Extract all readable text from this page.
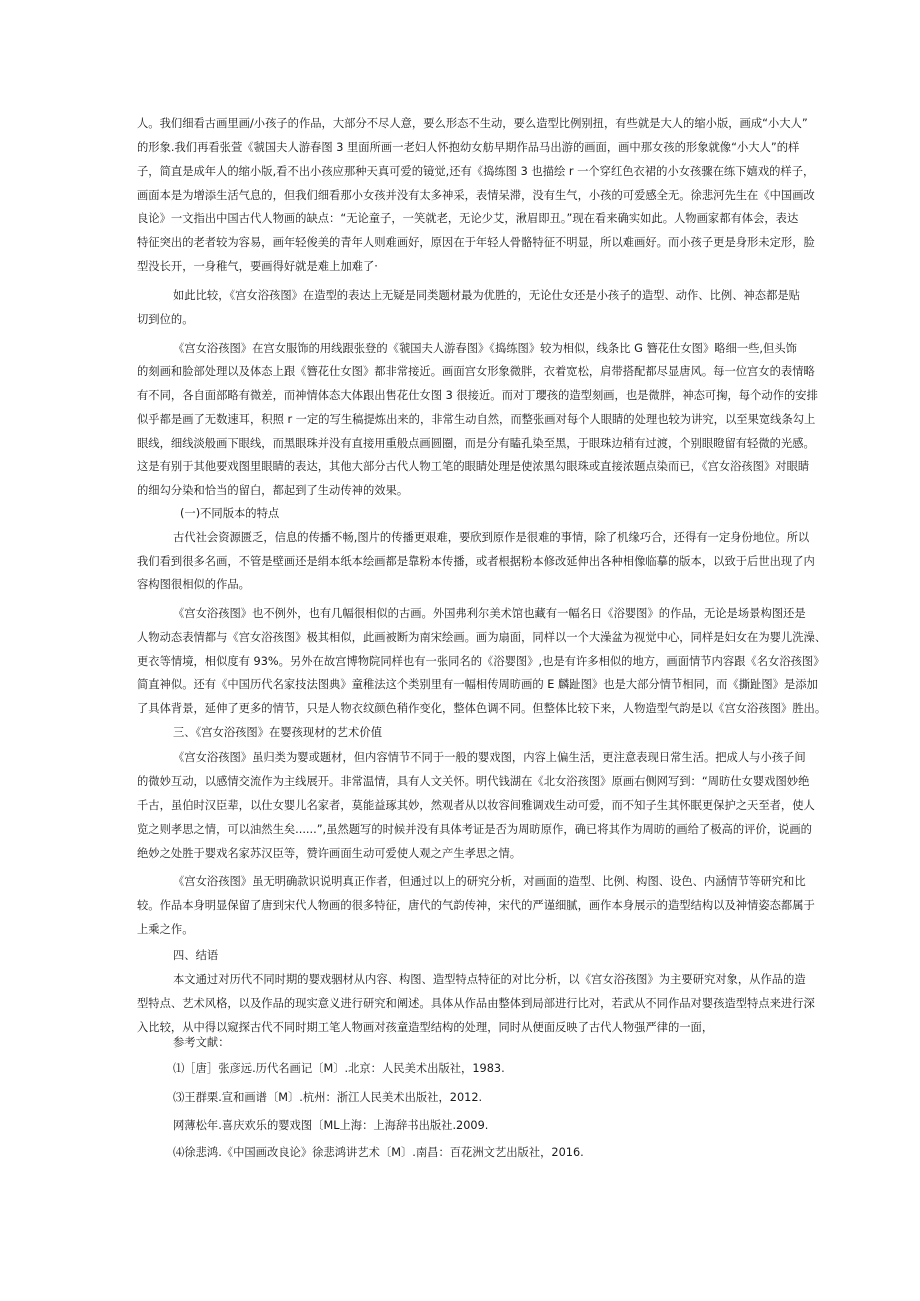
人。我们细看古画里画/小孩子的作品，大部分不尽人意，要么形态不生动，要么造型比例别扭，有些就是大人的缩小版，画成“小大人”
的形象.我们再看张萱《虢国夫人游春图 3 里面所画一老妇人怀抱幼女舫早期作品马出游的画面，画中那女孩的形象就像“小大人”的样
子，简直是成年人的缩小版,看不出小孩应那种天真可爱的镜觉,还有《捣练图 3 也描绘 r 一个穿红色衣裙的小女孩骤在练下嬉戏的样子，
画面本是为增添生活气息的，但我们细看那小女孩并没有太多神采，表情呆滞，没有生气，小孩的可爱感全无。徐悲河先生在《中国画改
良论》一文指出中国古代人物画的缺点：“无论童子，一笑就老，无论少艾，湫眉即丑。”现在看来确实如此。人物画家都有体会，表达
特征突出的老者较为容易，画年轻俊美的青年人则难画好，原因在于年轻人骨骼特征不明显，所以难画好。而小孩子更是身形未定形，脸
型没长开，一身稚气，要画得好就是难上加难了·
如此比较，《宫女浴孩图》在造型的表达上无疑是同类题材最为优胜的，无论仕女还是小孩子的造型、动作、比例、神态都是贴
切到位的。
《宫女浴孩图》在宫女服饰的用线跟张登的《虢国夫人游春图》《捣练图》较为相似，线条比 G 簪花仕女图》略细一些,但头饰
的刻画和脸部处理以及体态上跟《簪花仕女图》都非常接近。画面宫女形象微胖，衣着宽松，肩带搭配都尽显唐风。每一位宫女的表情略
有不同，各自面部略有微差，而神情体态大体跟出售花仕女图 3 很接近。而对丁瓔孩的造型刻画，也是微胖，神态可掬，每个动作的安排
似乎都是画了无数速耳，积照 r 一定的写生稿提炼出来的，非常生动自然，而整张画对每个人眼睛的处理也较为讲究，以至果宽线条勾上
眼线，细线淡般画下眼线，而黑眼珠并没有直接用重般点画圆圈，而是分有瞌孔染至黑，于眼珠边稍有过渡，个别眼瞪留有轻微的光感。
这是有别于其他要戏图里眼睛的表达，其他大部分古代人物工笔的眼睛处理是使浓黑勾眼珠或直接浓题点染而已，《宫女浴孩图》对眼睛
的细勾分染和恰当的留白，都起到了生动传神的效果。
(一)不同版本的特点
古代社会资源匮乏，信息的传播不畅,图片的传播更艰难，要欣到原作是很难的事情，除了机缘巧合，还得有一定身份地位。所以
我们看到很多名画，不管是壁画还是绢本纸本绘画都是靠粉本传播，或者根据粉本修改延伸出各种相像临摹的版本，以致于后世出现了内
容构图很相似的作品。
《宫女浴孩图》也不例外，也有几幅很相似的古画。外国弗利尔美术馆也藏有一幅名日《浴婴图》的作品，无论是场景构图还是
人物动态表情都与《宫女浴孩图》极其相似，此画被断为南宋绘画。画为扇面，同样以一个大澡盆为视觉中心，同样是妇女在为婴儿洗澡、
更衣等情境，相似度有 93%。另外在故宫博物院同样也有一张同名的《浴婴图》,也是有许多相似的地方，画面情节内容跟《名女浴孩图》
简直神似。还有《中国历代名家技法图典》童稚法这个类别里有一幅相传周昉画的 E 麟趾图》也是大部分情节相同，而《撕趾图》是添加
了具体背景，延伸了更多的情节，只是人物衣纹颜色稍作变化，整体色调不同。但整体比较下来，人物造型气韵是以《宫女浴孩图》胜出。
三、《宫女浴孩图》在婴孩现材的艺术价值
《宫女浴孩图》虽归类为婴或题材，但内容情节不同于一般的婴戏图，内容上偏生活，更注意表现日常生活。把成人与小孩子间
的微妙互动，以感情交流作为主线展开。非常温情，具有人文关怀。明代钱湖在《北女浴孩图》原画右侧网写到：“周昉仕女婴戏图妙绝
千古，虽伯时汉臣辈，以仕女婴儿名家者，莫能益琢其妙，然观者从以妆容间雅调戏生动可爱，而不知子生其怀眠更保护之天至者，使人
览之则孝思之情，可以油然生矣......”,虽然题写的时候并没有具体考证是否为周昉原作，确已将其作为周昉的画给了极高的评价，说画的
绝妙之处胜于婴戏名家苏汉臣等，赞许画面生动可爱使人观之产生孝思之情。
《宫女浴孩图》虽无明确款识说明真正作者，但通过以上的研究分析，对画面的造型、比例、构图、设色、内涵情节等研究和比
较。作品本身明显保留了唐到宋代人物画的很多特征，唐代的气韵传神，宋代的严谨细腻，画作本身展示的造型结构以及神情姿态都属于
上乘之作。
四、结语
本文通过对历代不同时期的婴戏骃材从内容、构图、造型特点特征的对比分析，以《宫女浴孩图》为主要研究对象，从作品的造
型特点、艺术风格，以及作品的现实意义进行研究和阐述。具体从作品由整体到局部进行比对，若武从不同作品对婴孩造型特点来进行深
入比较，从中得以窥探古代不同时期工笔人物画对孩童造型结构的处理，同时从便面反映了古代人物强严律的一面，
参考文献：
⑴［唐］张彦远.历代名画记〔M〕.北京：人民美术出版社，1983.
⑶王群栗.宣和画谱〔M〕.杭州：浙江人民美术出版社，2012.
网薄松年.喜庆欢乐的婴戏图〔ML上海：上海辞书出版社.2009.
⑷徐悲鸿.《中国画改良论》徐悲鸿讲艺术〔M〕.南昌：百花洲文艺出版社，2016.
